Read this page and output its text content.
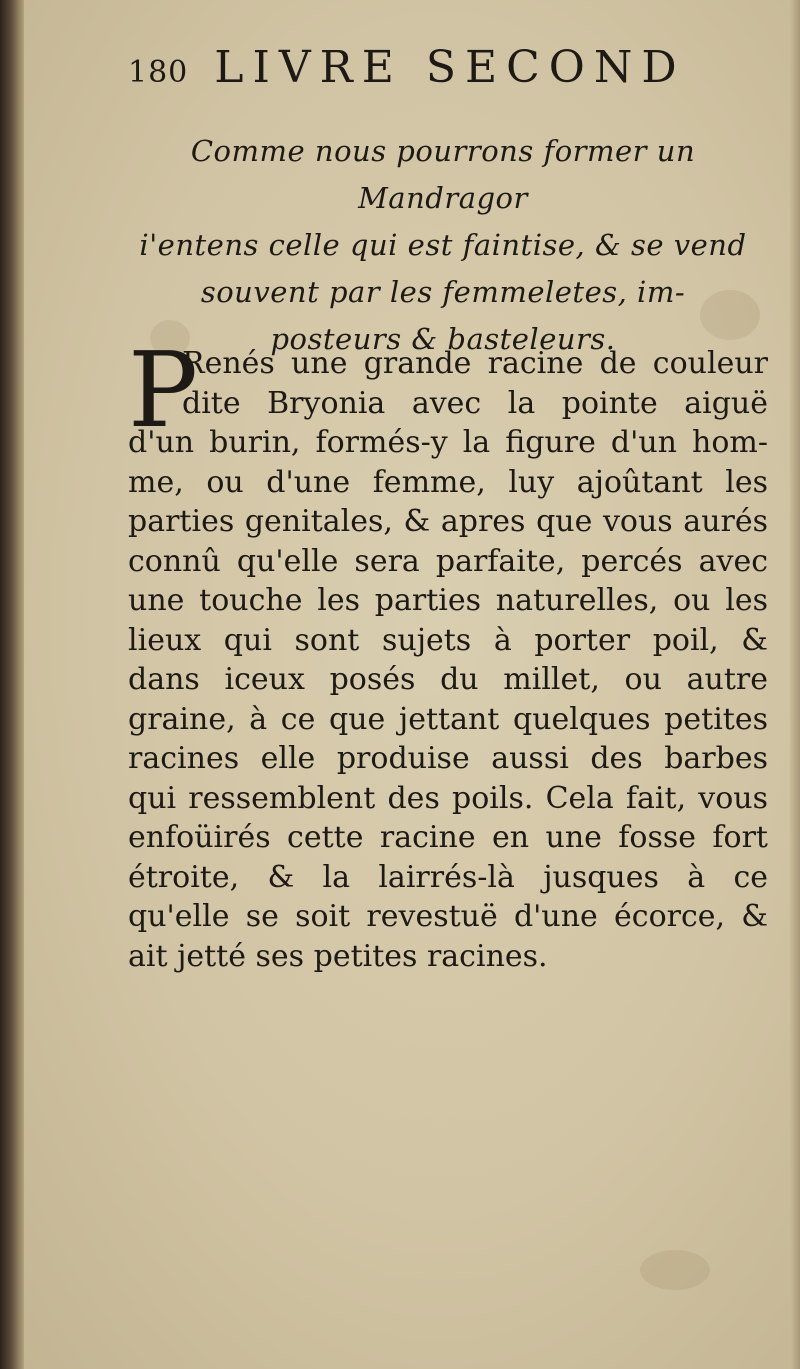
180 LIVRE SECOND
Comme nous pourrons former un Mandragor
i'entens celle qui est faintise, & se vend
souvent par les femmeletes, im-
posteurs & basteleurs.
P
Renés une grande racine de couleur
dite Bryonia avec la pointe aiguë
d'un burin, formés-y la figure d'un hom-
me, ou d'une femme, luy ajoûtant les
parties genitales, & apres que vous aurés
connû qu'elle sera parfaite, percés avec
une touche les parties naturelles, ou les
lieux qui sont sujets à porter poil, &
dans iceux posés du millet, ou autre
graine, à ce que jettant quelques petites
racines elle produise aussi des barbes
qui ressemblent des poils. Cela fait, vous
enfoüirés cette racine en une fosse fort
étroite, & la lairrés-là jusques à ce
qu'elle se soit revestuë d'une écorce, &
ait jetté ses petites racines.
